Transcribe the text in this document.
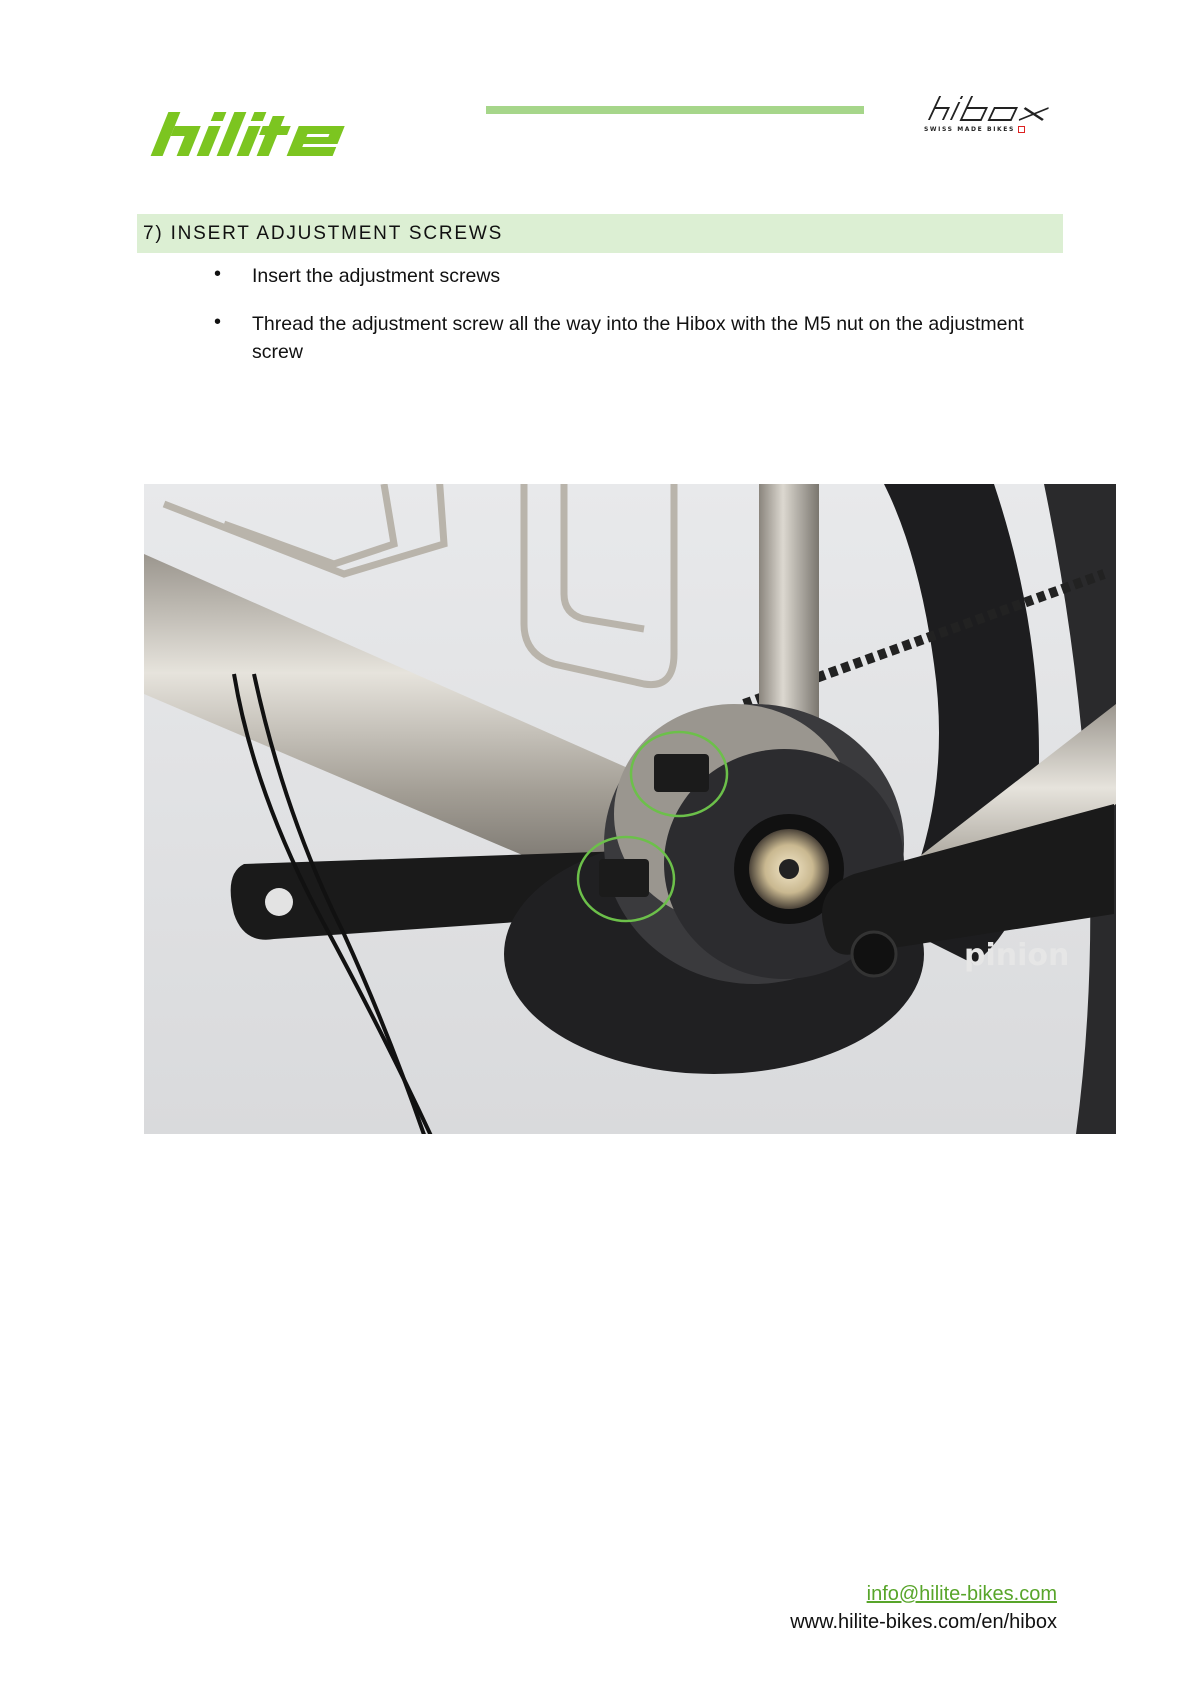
SWISS MADE BIKES
7) INSERT ADJUSTMENT SCREWS
• Insert the adjustment screws
• Thread the adjustment screw all the way into the Hibox with the M5 nut on the adjustment screw
pinion
info@hilite-bikes.com
www.hilite-bikes.com/en/hibox
